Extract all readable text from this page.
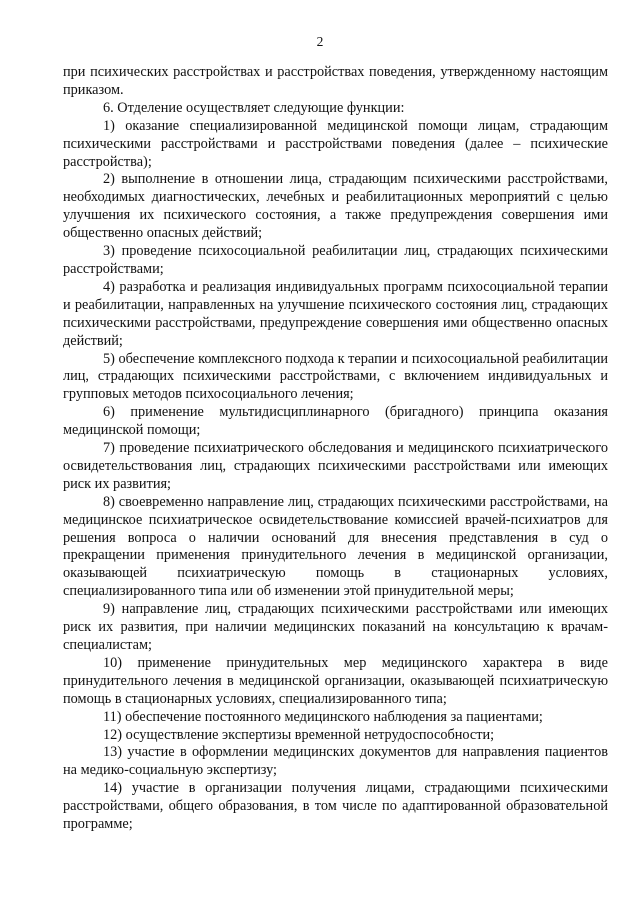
2

при психических расстройствах и расстройствах поведения, утвержденному настоящим приказом.

6. Отделение осуществляет следующие функции:

1) оказание специализированной медицинской помощи лицам, страдающим психическими расстройствами и расстройствами поведения (далее – психические расстройства);

2) выполнение в отношении лица, страдающим психическими расстройствами, необходимых диагностических, лечебных и реабилитационных мероприятий с целью улучшения их психического состояния, а также предупреждения совершения ими общественно опасных действий;

3) проведение психосоциальной реабилитации лиц, страдающих психическими расстройствами;

4) разработка и реализация индивидуальных программ психосоциальной терапии и реабилитации, направленных на улучшение психического состояния лиц, страдающих психическими расстройствами, предупреждение совершения ими общественно опасных действий;

5) обеспечение комплексного подхода к терапии и психосоциальной реабилитации лиц, страдающих психическими расстройствами, с включением индивидуальных и групповых методов психосоциального лечения;

6) применение мультидисциплинарного (бригадного) принципа оказания медицинской помощи;

7) проведение психиатрического обследования и медицинского психиатрического освидетельствования лиц, страдающих психическими расстройствами или имеющих риск их развития;

8) своевременно направление лиц, страдающих психическими расстройствами, на медицинское психиатрическое освидетельствование комиссией врачей-психиатров для решения вопроса о наличии оснований для внесения представления в суд о прекращении применения принудительного лечения в медицинской организации, оказывающей психиатрическую помощь в стационарных условиях, специализированного типа или об изменении этой принудительной меры;

9) направление лиц, страдающих психическими расстройствами или имеющих риск их развития, при наличии медицинских показаний на консультацию к врачам-специалистам;

10) применение принудительных мер медицинского характера в виде принудительного лечения в медицинской организации, оказывающей психиатрическую помощь в стационарных условиях, специализированного типа;

11) обеспечение постоянного медицинского наблюдения за пациентами;

12) осуществление экспертизы временной нетрудоспособности;

13) участие в оформлении медицинских документов для направления пациентов на медико-социальную экспертизу;

14) участие в организации получения лицами, страдающими психическими расстройствами, общего образования, в том числе по адаптированной образовательной программе;
